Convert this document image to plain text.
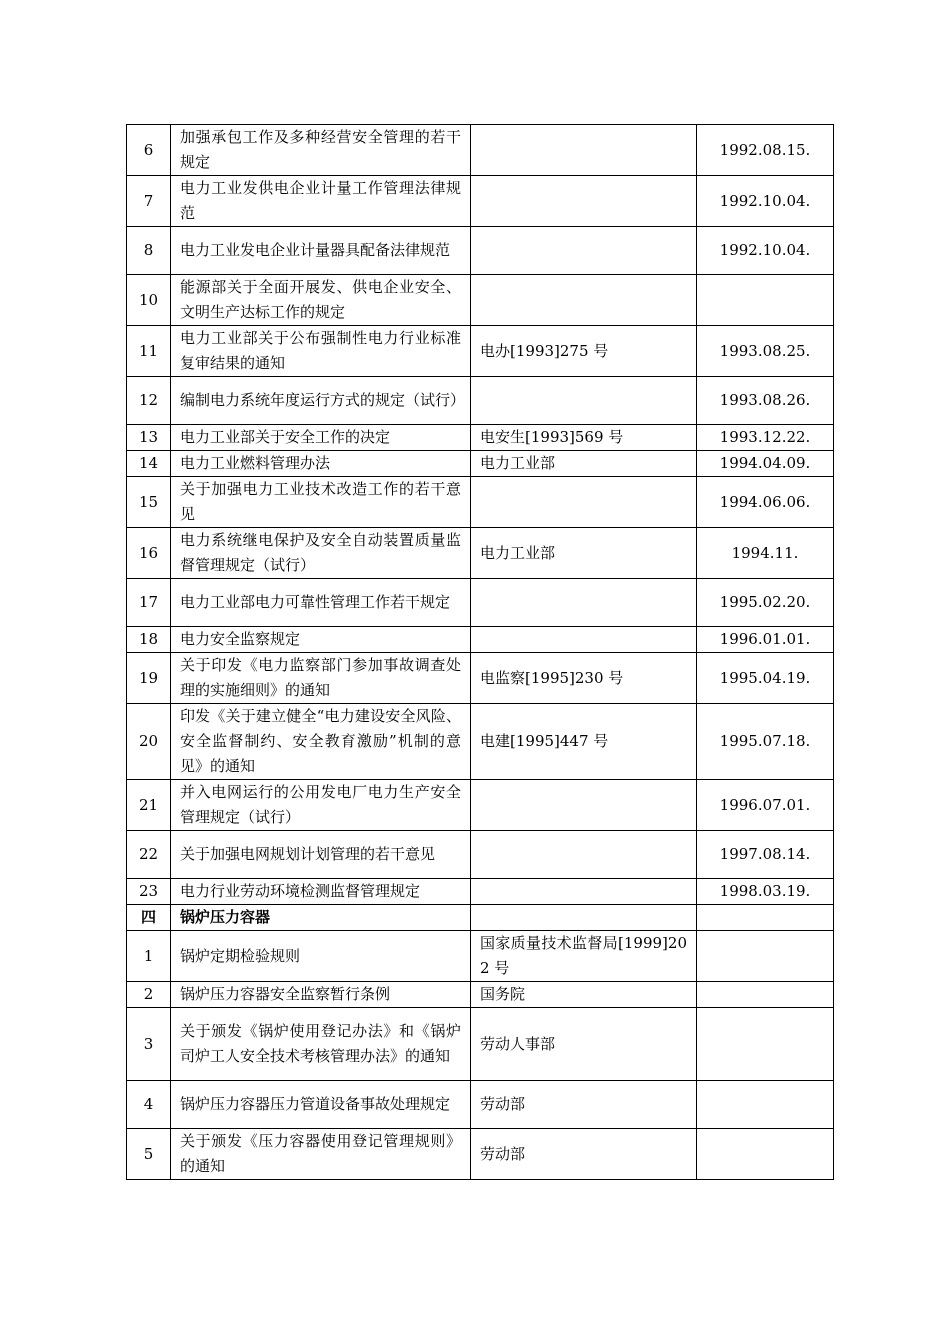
6	加强承包工作及多种经营安全管理的若干规定		1992.08.15.
7	电力工业发供电企业计量工作管理法律规范		1992.10.04.
8	电力工业发电企业计量器具配备法律规范		1992.10.04.
10	能源部关于全面开展发、供电企业安全、文明生产达标工作的规定		
11	电力工业部关于公布强制性电力行业标准复审结果的通知	电办[1993]275 号	1993.08.25.
12	编制电力系统年度运行方式的规定（试行）		1993.08.26.
13	电力工业部关于安全工作的决定	电安生[1993]569 号	1993.12.22.
14	电力工业燃料管理办法	电力工业部	1994.04.09.
15	关于加强电力工业技术改造工作的若干意见		1994.06.06.
16	电力系统继电保护及安全自动装置质量监督管理规定（试行）	电力工业部	1994.11.
17	电力工业部电力可靠性管理工作若干规定		1995.02.20.
18	电力安全监察规定		1996.01.01.
19	关于印发《电力监察部门参加事故调查处理的实施细则》的通知	电监察[1995]230 号	1995.04.19.
20	印发《关于建立健全“电力建设安全风险、安全监督制约、安全教育激励”机制的意见》的通知	电建[1995]447 号	1995.07.18.
21	并入电网运行的公用发电厂电力生产安全管理规定（试行）		1996.07.01.
22	关于加强电网规划计划管理的若干意见		1997.08.14.
23	电力行业劳动环境检测监督管理规定		1998.03.19.
四	锅炉压力容器		
1	锅炉定期检验规则	国家质量技术监督局[1999]202 号	
2	锅炉压力容器安全监察暂行条例	国务院	
3	关于颁发《锅炉使用登记办法》和《锅炉司炉工人安全技术考核管理办法》的通知	劳动人事部	
4	锅炉压力容器压力管道设备事故处理规定	劳动部	
5	关于颁发《压力容器使用登记管理规则》的通知	劳动部	
